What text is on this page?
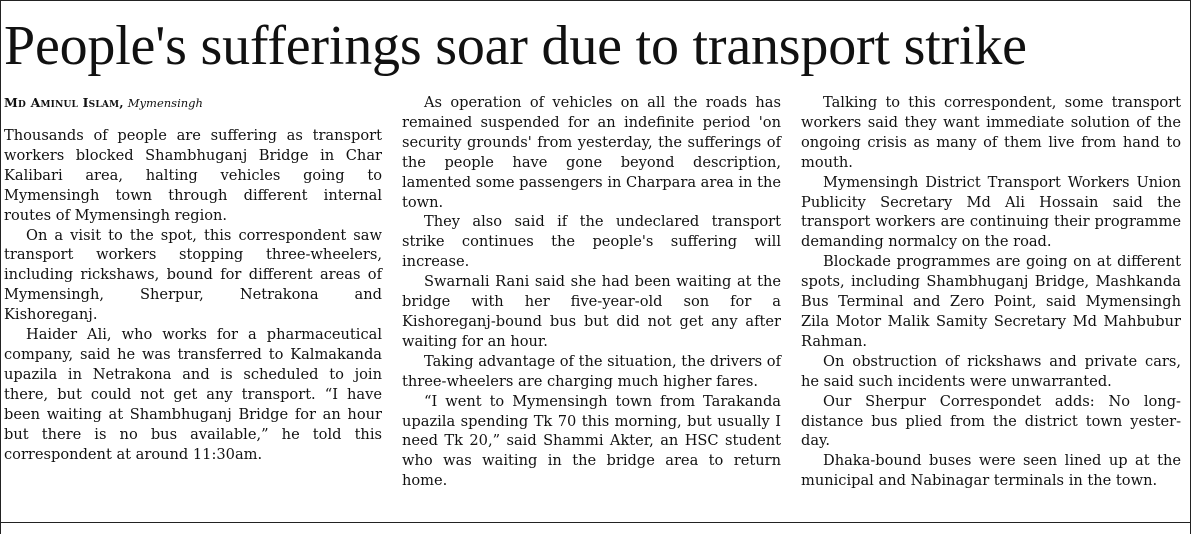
People's sufferings soar due to transport strike
Md Aminul Islam, Mymensingh

Thousands of people are suffering as transport workers blocked Shambhuganj Bridge in Char Kalibari area, halting vehicles going to Mymensingh town through different internal routes of Mymensingh region.

On a visit to the spot, this correspondent saw transport workers stopping three-wheelers, including rickshaws, bound for different areas of Mymensingh, Sherpur, Netrakona and Kishoreganj.

Haider Ali, who works for a pharmaceutical company, said he was transferred to Kalmakanda upazila in Netrakona and is scheduled to join there, but could not get any transport. “I have been waiting at Shambhuganj Bridge for an hour but there is no bus available,” he told this correspondent at around 11:30am.

As operation of vehicles on all the roads has remained suspended for an indefinite period 'on security grounds' from yesterday, the sufferings of the people have gone beyond description, lamented some passengers in Charpara area in the town.

They also said if the undeclared transport strike continues the people's suffering will increase.

Swarnali Rani said she had been waiting at the bridge with her five-year-old son for a Kishoreganj-bound bus but did not get any after waiting for an hour.

Taking advantage of the situation, the drivers of three-wheelers are charging much higher fares.

“I went to Mymensingh town from Tarakanda upazila spending Tk 70 this morning, but usually I need Tk 20,” said Shammi Akter, an HSC student who was waiting in the bridge area to return home.

Talking to this correspondent, some transport workers said they want immediate solution of the ongoing crisis as many of them live from hand to mouth.

Mymensingh District Transport Workers Union Publicity Secretary Md Ali Hossain said the transport workers are continuing their programme demanding normalcy on the road.

Blockade programmes are going on at different spots, including Shambhuganj Bridge, Mashkanda Bus Terminal and Zero Point, said Mymensingh Zila Motor Malik Samity Secretary Md Mahbubur Rahman.

On obstruction of rickshaws and private cars, he said such incidents were unwarranted.

Our Sherpur Correspondet adds: No long-distance bus plied from the district town yesterday.

Dhaka-bound buses were seen lined up at the municipal and Nabinagar terminals in the town.
